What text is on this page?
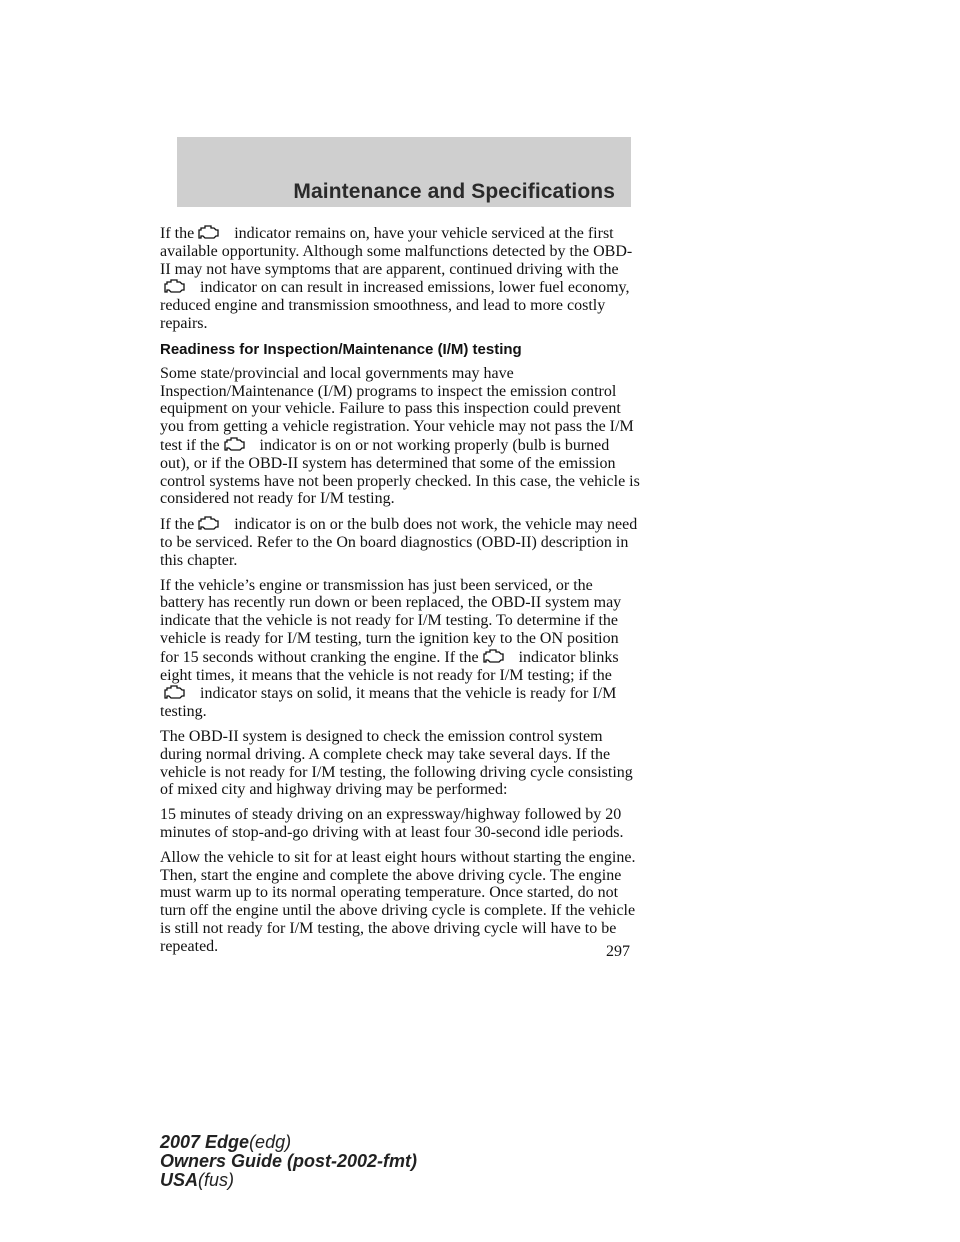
Maintenance and Specifications

If the	indicator remains on, have your vehicle serviced at the first available opportunity. Although some malfunctions detected by the OBD-II may not have symptoms that are apparent, continued driving with the
indicator on can result in increased emissions, lower fuel economy, reduced engine and transmission smoothness, and lead to more costly repairs.

Readiness for Inspection/Maintenance (I/M) testing

Some state/provincial and local governments may have Inspection/Maintenance (I/M) programs to inspect the emission control equipment on your vehicle. Failure to pass this inspection could prevent you from getting a vehicle registration. Your vehicle may not pass the I/M test if the	indicator is on or not working properly (bulb is burned out), or if the OBD-II system has determined that some of the emission control systems have not been properly checked. In this case, the vehicle is considered not ready for I/M testing.

If the	indicator is on or the bulb does not work, the vehicle may need to be serviced. Refer to the On board diagnostics (OBD-II) description in this chapter.

If the vehicle’s engine or transmission has just been serviced, or the battery has recently run down or been replaced, the OBD-II system may indicate that the vehicle is not ready for I/M testing. To determine if the vehicle is ready for I/M testing, turn the ignition key to the ON position for 15 seconds without cranking the engine. If the	indicator blinks eight times, it means that the vehicle is not ready for I/M testing; if the
indicator stays on solid, it means that the vehicle is ready for I/M testing.

The OBD-II system is designed to check the emission control system during normal driving. A complete check may take several days. If the vehicle is not ready for I/M testing, the following driving cycle consisting of mixed city and highway driving may be performed:

15 minutes of steady driving on an expressway/highway followed by 20 minutes of stop-and-go driving with at least four 30-second idle periods.

Allow the vehicle to sit for at least eight hours without starting the engine. Then, start the engine and complete the above driving cycle. The engine must warm up to its normal operating temperature. Once started, do not turn off the engine until the above driving cycle is complete. If the vehicle is still not ready for I/M testing, the above driving cycle will have to be repeated.	297
2007 Edge(edg)
Owners Guide (post-2002-fmt)
USA(fus)
